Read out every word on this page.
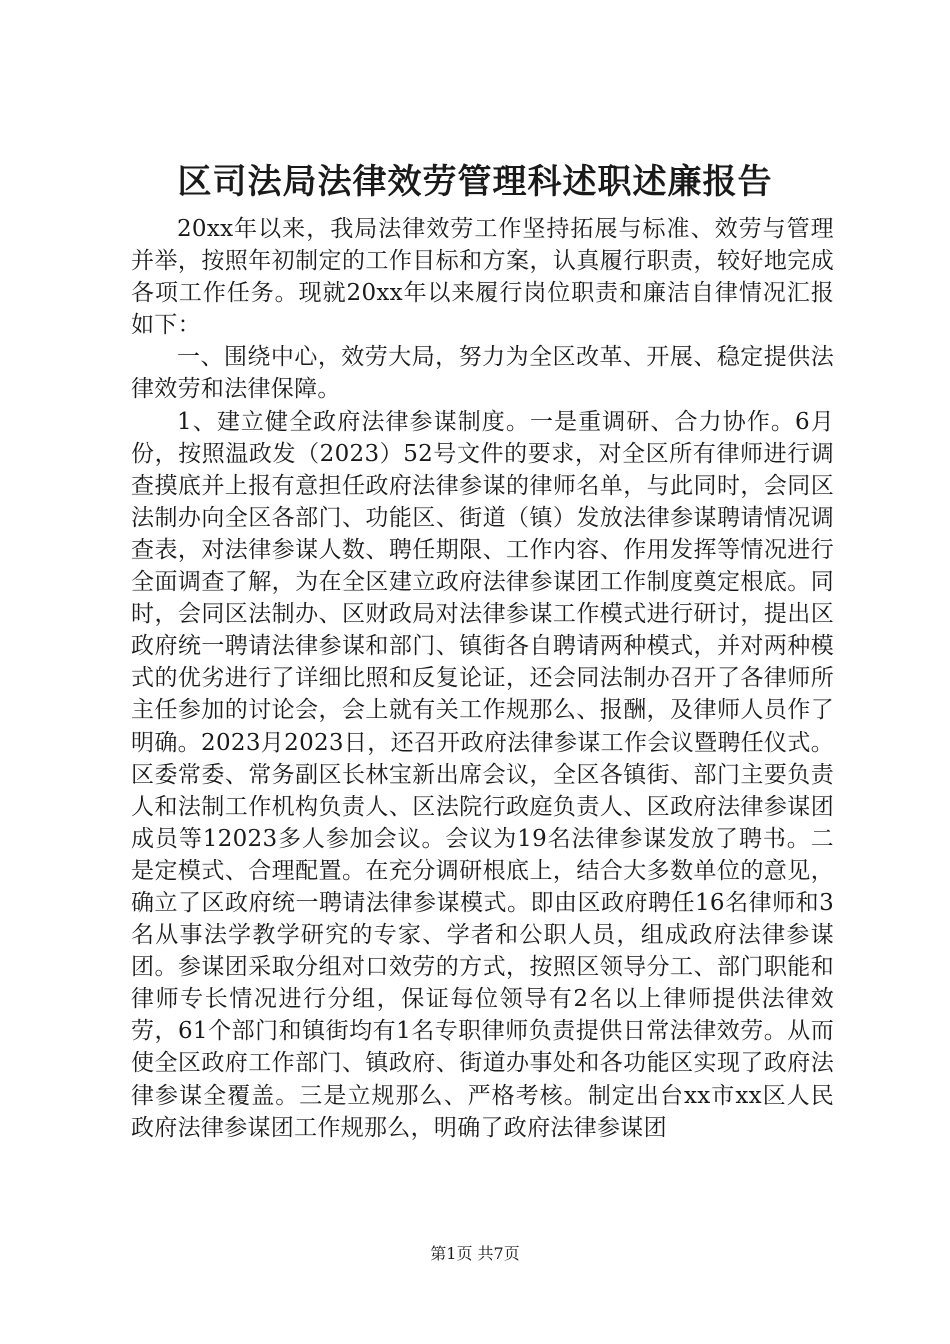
区司法局法律效劳管理科述职述廉报告

20xx年以来，我局法律效劳工作坚持拓展与标准、效劳与管理并举，按照年初制定的工作目标和方案，认真履行职责，较好地完成各项工作任务。现就20xx年以来履行岗位职责和廉洁自律情况汇报如下：

一、围绕中心，效劳大局，努力为全区改革、开展、稳定提供法律效劳和法律保障。

1、建立健全政府法律参谋制度。一是重调研、合力协作。6月份，按照温政发（2023）52号文件的要求，对全区所有律师进行调查摸底并上报有意担任政府法律参谋的律师名单，与此同时，会同区法制办向全区各部门、功能区、街道（镇）发放法律参谋聘请情况调查表，对法律参谋人数、聘任期限、工作内容、作用发挥等情况进行全面调查了解，为在全区建立政府法律参谋团工作制度奠定根底。同时，会同区法制办、区财政局对法律参谋工作模式进行研讨，提出区政府统一聘请法律参谋和部门、镇街各自聘请两种模式，并对两种模式的优劣进行了详细比照和反复论证，还会同法制办召开了各律师所主任参加的讨论会，会上就有关工作规那么、报酬，及律师人员作了明确。2023月2023日，还召开政府法律参谋工作会议暨聘任仪式。区委常委、常务副区长林宝新出席会议，全区各镇街、部门主要负责人和法制工作机构负责人、区法院行政庭负责人、区政府法律参谋团成员等12023多人参加会议。会议为19名法律参谋发放了聘书。二是定模式、合理配置。在充分调研根底上，结合大多数单位的意见，确立了区政府统一聘请法律参谋模式。即由区政府聘任16名律师和3名从事法学教学研究的专家、学者和公职人员，组成政府法律参谋团。参谋团采取分组对口效劳的方式，按照区领导分工、部门职能和律师专长情况进行分组，保证每位领导有2名以上律师提供法律效劳，61个部门和镇街均有1名专职律师负责提供日常法律效劳。从而使全区政府工作部门、镇政府、街道办事处和各功能区实现了政府法律参谋全覆盖。三是立规那么、严格考核。制定出台xx市xx区人民政府法律参谋团工作规那么，明确了政府法律参谋团

第1页 共7页
